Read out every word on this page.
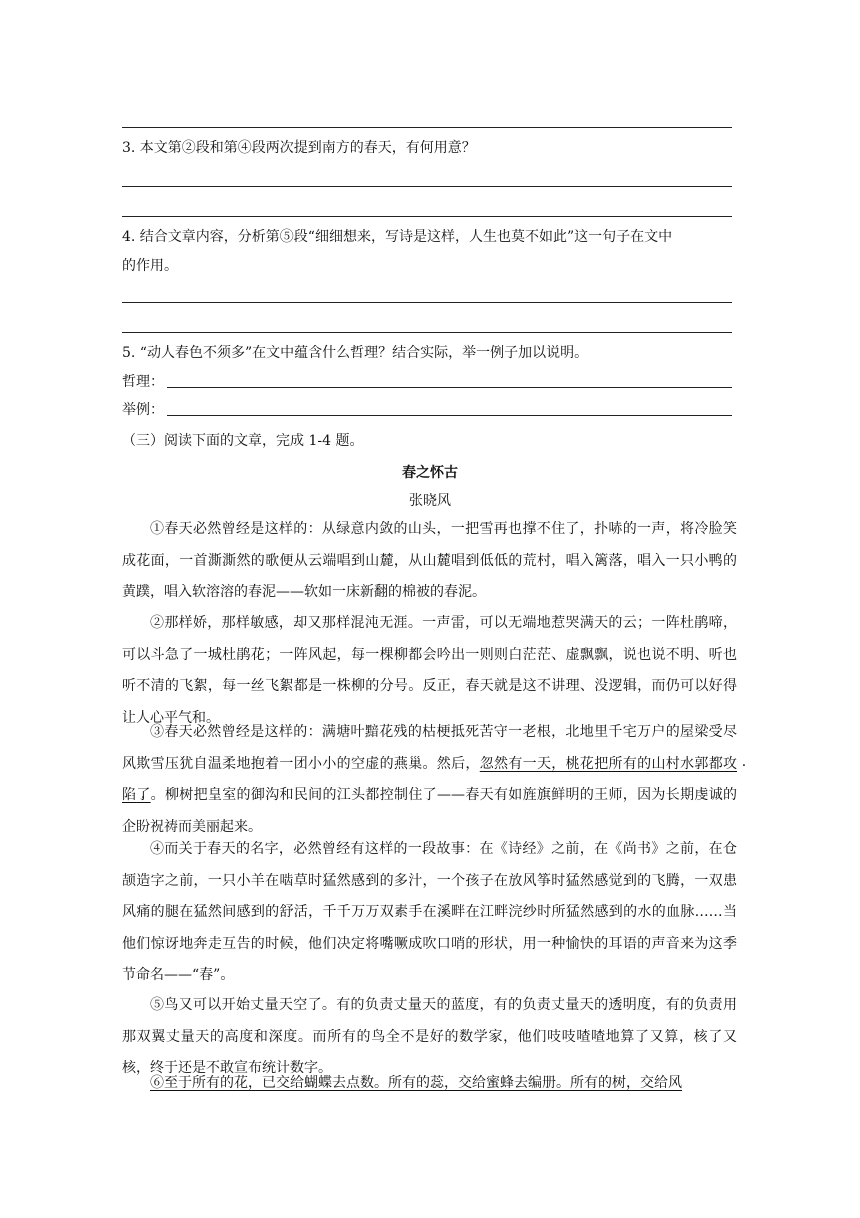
3. 本文第②段和第④段两次提到南方的春天，有何用意？
4. 结合文章内容，分析第⑤段“细细想来，写诗是这样，人生也莫不如此”这一句子在文中
的作用。
5. “动人春色不须多”在文中蕴含什么哲理？结合实际，举一例子加以说明。
哲理：
举例：
（三）阅读下面的文章，完成 1-4 题。
春之怀古
张晓风
①春天必然曾经是这样的：从绿意内敛的山头，一把雪再也撑不住了，扑哧的一声，将冷脸笑成花面，一首澌澌然的歌便从云端唱到山麓，从山麓唱到低低的荒村，唱入篱落，唱入一只小鸭的黄蹼，唱入软溶溶的春泥——软如一床新翻的棉被的春泥。
②那样娇，那样敏感，却又那样混沌无涯。一声雷，可以无端地惹哭满天的云；一阵杜鹃啼，可以斗急了一城杜鹃花；一阵风起，每一棵柳都会吟出一则则白茫茫、虚飘飘，说也说不明、听也听不清的飞絮，每一丝飞絮都是一株柳的分号。反正，春天就是这不讲理、没逻辑，而仍可以好得让人心平气和。
③春天必然曾经是这样的：满塘叶黯花残的枯梗抵死苦守一老根，北地里千宅万户的屋梁受尽风欺雪压犹自温柔地抱着一团小小的空虚的燕巢。然后，忽然有一天，桃花把所有的山村水郭都攻 ·陷 ·了。柳树把皇室的御沟和民间的江头都控制住了——春天有如旌旗鲜明的王师，因为长期虔诚的企盼祝祷而美丽起来。
④而关于春天的名字，必然曾经有这样的一段故事：在《诗经》之前，在《尚书》之前，在仓颉造字之前，一只小羊在啮草时猛然感到的多汁，一个孩子在放风筝时猛然感觉到的飞腾，一双患风痛的腿在猛然间感到的舒活，千千万万双素手在溪畔在江畔浣纱时所猛然感到的水的血脉……当他们惊讶地奔走互告的时候，他们决定将嘴噘成吹口哨的形状，用一种愉快的耳语的声音来为这季节命名——“春”。
⑤鸟又可以开始丈量天空了。有的负责丈量天的蓝度，有的负责丈量天的透明度，有的负责用那双翼丈量天的高度和深度。而所有的鸟全不是好的数学家，他们吱吱喳喳地算了又算，核了又核，终于还是不敢宣布统计数字。
⑥至于所有的花，已交给蝴蝶去点数。所有的蕊，交给蜜蜂去编册。所有的树，交给风
